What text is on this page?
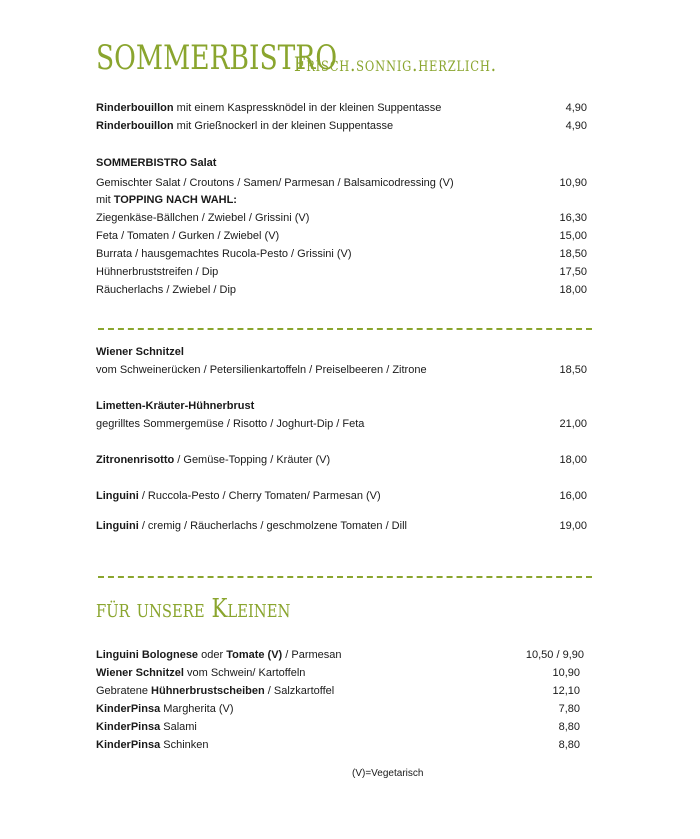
SOMMERBISTRO
Frisch.sonnig.herzlich.
Rinderbouillon mit einem Kaspressknödel in der kleinen Suppentasse	4,90
Rinderbouillon mit Grießnockerl in der kleinen Suppentasse	4,90
SOMMERBISTRO Salat
Gemischter Salat / Croutons / Samen/ Parmesan / Balsamicodressing (V)	10,90
mit TOPPING NACH WAHL:
Ziegenkäse-Bällchen / Zwiebel / Grissini (V)	16,30
Feta / Tomaten / Gurken / Zwiebel (V)	15,00
Burrata / hausgemachtes Rucola-Pesto / Grissini (V)	18,50
Hühnerbruststreifen / Dip	17,50
Räucherlachs / Zwiebel / Dip	18,00
Wiener Schnitzel
vom Schweinerücken / Petersilienkartoffeln / Preiselbeeren / Zitrone	18,50
Limetten-Kräuter-Hühnerbrust
gegrilltes Sommergemüse / Risotto / Joghurt-Dip / Feta	21,00
Zitronenrisotto / Gemüse-Topping / Kräuter (V)	18,00
Linguini / Ruccola-Pesto / Cherry Tomaten/ Parmesan (V)	16,00
Linguini / cremig / Räucherlachs / geschmolzene Tomaten / Dill	19,00
für unsere Kleinen
Linguini Bolognese oder Tomate (V) / Parmesan	10,50 / 9,90
Wiener Schnitzel vom Schwein/ Kartoffeln	10,90
Gebratene Hühnerbrustscheiben / Salzkartoffel	12,10
KinderPinsa Margherita (V)	7,80
KinderPinsa Salami	8,80
KinderPinsa Schinken	8,80
(V)=Vegetarisch
